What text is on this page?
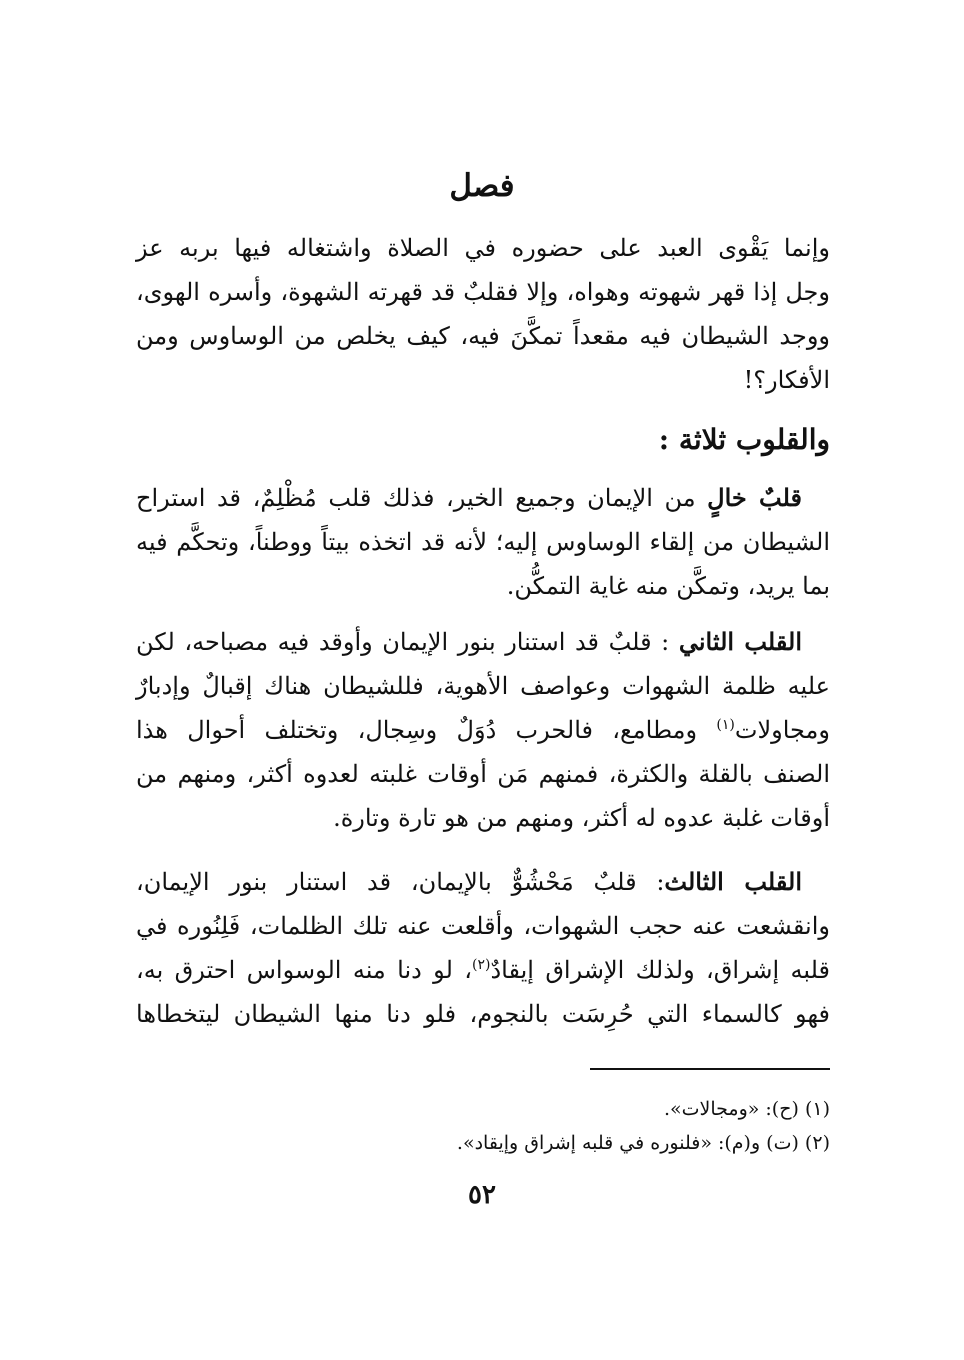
فصل
وإنما يَقْوى العبد على حضوره في الصلاة واشتغاله فيها بربه عز
وجل إذا قهر شهوته وهواه، وإلا فقلبٌ قد قهرته الشهوة، وأسره الهوى،
ووجد الشيطان فيه مقعداً تمكَّنَ فيه، كيف يخلص من الوساوس ومن
الأفكار؟!
والقلوب ثلاثة :
قلبٌ خالٍ من الإيمان وجميع الخير، فذلك قلب مُظْلِمٌ، قد استراح
الشيطان من إلقاء الوساوس إليه؛ لأنه قد اتخذه بيتاً ووطناً، وتحكَّم فيه
بما يريد، وتمكَّن منه غاية التمكُّن.
القلب الثاني : قلبٌ قد استنار بنور الإيمان وأوقد فيه مصباحه، لكن
عليه ظلمة الشهوات وعواصف الأهوية، فللشيطان هناك إقبالٌ وإدبارٌ
ومجاولات$^{(١)}$ ومطامع، فالحرب دُوَلٌ وسِجال، وتختلف أحوال هذا
الصنف بالقلة والكثرة، فمنهم مَن أوقات غلبته لعدوه أكثر، ومنهم من
أوقات غلبة عدوه له أكثر، ومنهم من هو تارة وتارة.
القلب الثالث: قلبٌ مَحْشُوٌّ بالإيمان، قد استنار بنور الإيمان،
وانقشعت عنه حجب الشهوات، وأقلعت عنه تلك الظلمات، فَلِنُوره في
قلبه إشراق، ولذلك الإشراق إيقادٌ$^{(٢)}$، لو دنا منه الوسواس احترق به،
فهو كالسماء التي حُرِسَت بالنجوم، فلو دنا منها الشيطان ليتخطاها
(١) (ح): «ومجالات».
(٢) (ت) و(م): «فلنوره في قلبه إشراق وإيقاد».
٥٢
